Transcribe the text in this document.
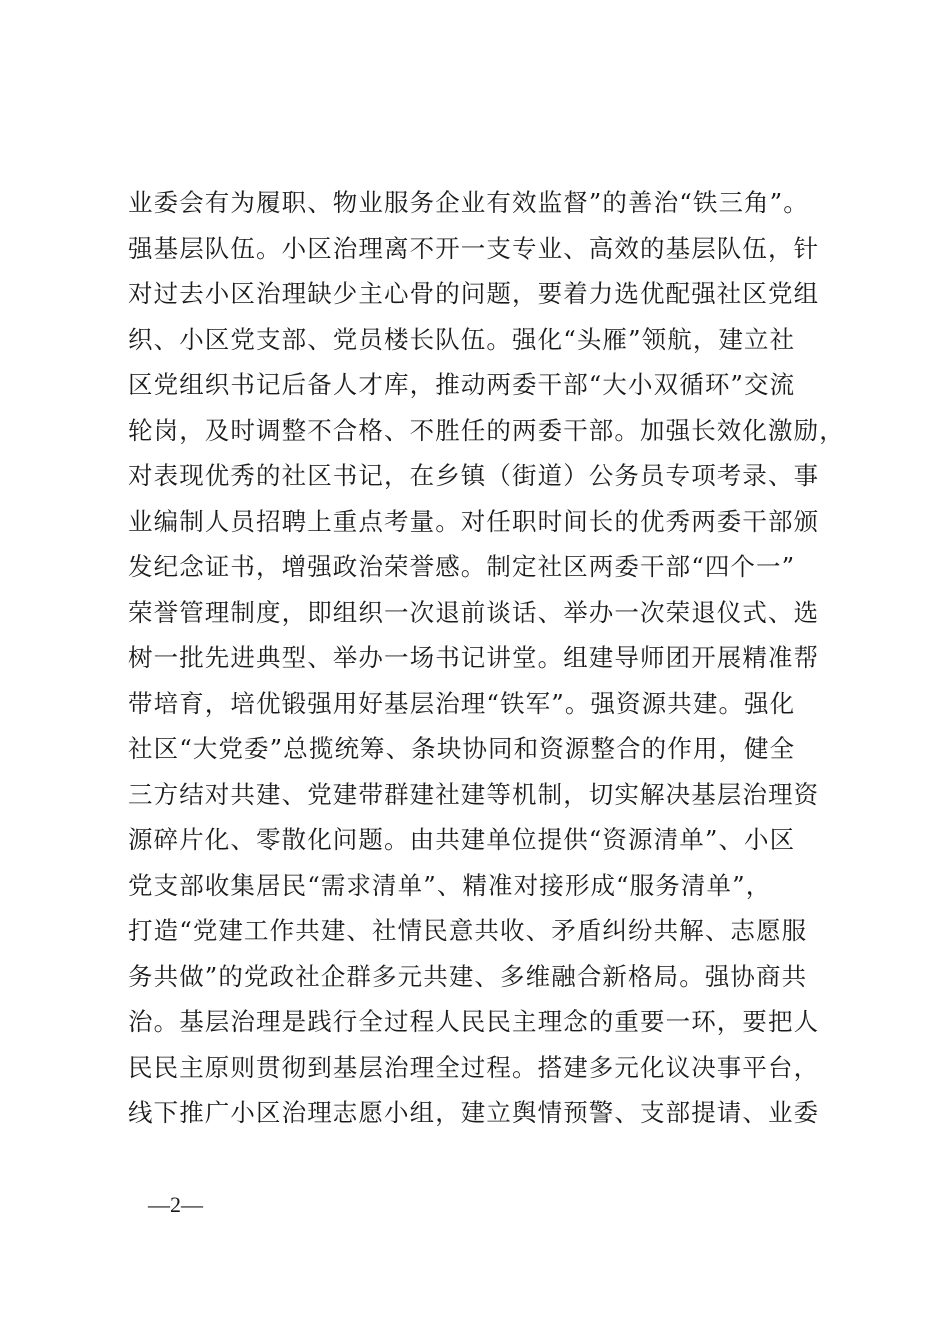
业委会有为履职、物业服务企业有效监督”的善治“铁三角”。
强基层队伍。小区治理离不开一支专业、高效的基层队伍，针
对过去小区治理缺少主心骨的问题，要着力选优配强社区党组
织、小区党支部、党员楼长队伍。强化“头雁”领航，建立社
区党组织书记后备人才库，推动两委干部“大小双循环”交流
轮岗，及时调整不合格、不胜任的两委干部。加强长效化激励，
对表现优秀的社区书记，在乡镇（街道）公务员专项考录、事
业编制人员招聘上重点考量。对任职时间长的优秀两委干部颁
发纪念证书，增强政治荣誉感。制定社区两委干部“四个一”
荣誉管理制度，即组织一次退前谈话、举办一次荣退仪式、选
树一批先进典型、举办一场书记讲堂。组建导师团开展精准帮
带培育，培优锻强用好基层治理“铁军”。强资源共建。强化
社区“大党委”总揽统筹、条块协同和资源整合的作用，健全
三方结对共建、党建带群建社建等机制，切实解决基层治理资
源碎片化、零散化问题。由共建单位提供“资源清单”、小区
党支部收集居民“需求清单”、精准对接形成“服务清单”，
打造“党建工作共建、社情民意共收、矛盾纠纷共解、志愿服
务共做”的党政社企群多元共建、多维融合新格局。强协商共
治。基层治理是践行全过程人民民主理念的重要一环，要把人
民民主原则贯彻到基层治理全过程。搭建多元化议决事平台，
线下推广小区治理志愿小组，建立舆情预警、支部提请、业委
—2—
